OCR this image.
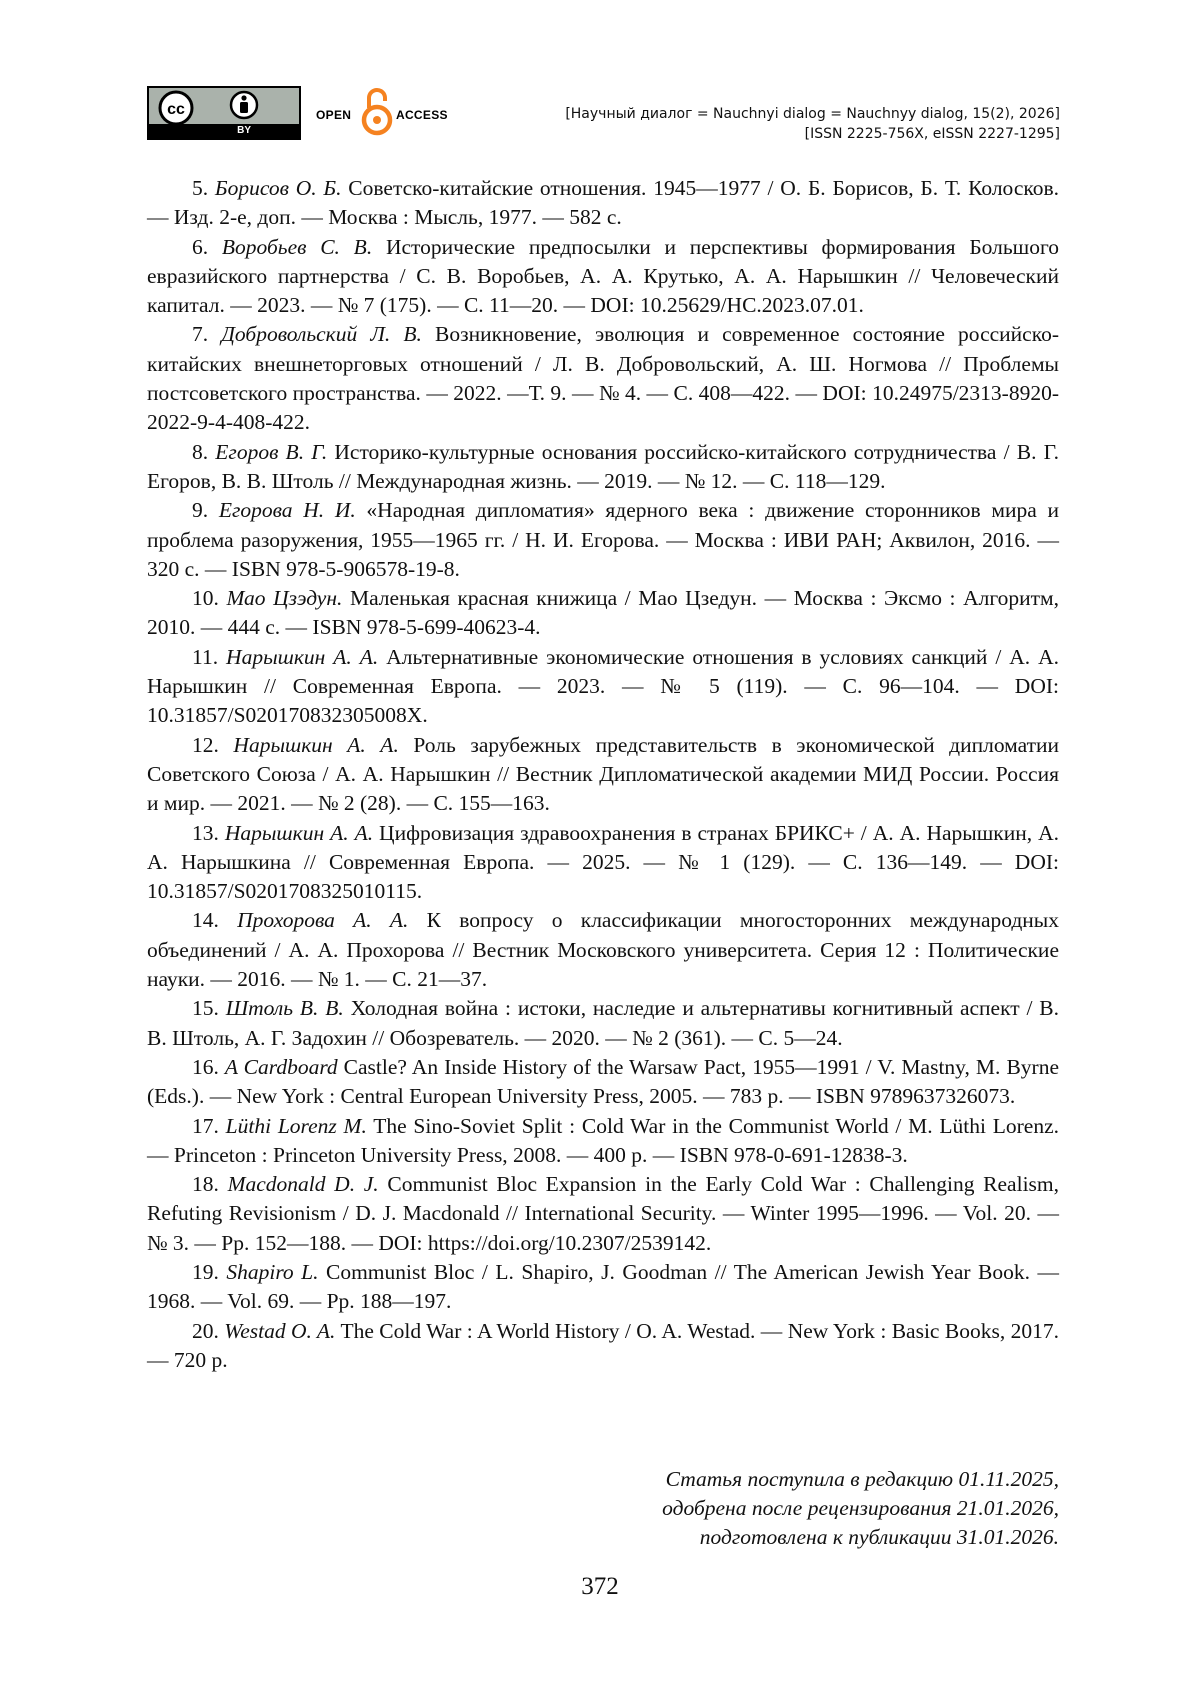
cc
BY
OPEN	ACCESS	[Научный диалог = Nauchnyi dialog = Nauchnyy dialog, 15(2), 2026]
[ISSN 2225-756X, eISSN 2227-1295]

5. Борисов О. Б. Советско-китайские отношения. 1945—1977 / О. Б. Борисов, Б. Т. Колосков. — Изд. 2-е, доп. — Москва : Мысль, 1977. — 582 с.

6. Воробьев С. В. Исторические предпосылки и перспективы формирования Большого евразийского партнерства / С. В. Воробьев, А. А. Крутько, А. А. Нарышкин // Человеческий капитал. — 2023. — № 7 (175). — С. 11—20. — DOI: 10.25629/HC.2023.07.01.

7. Добровольский Л. В. Возникновение, эволюция и современное состояние российско-китайских внешнеторговых отношений / Л. В. Добровольский, А. Ш. Ногмова // Проблемы постсоветского пространства. — 2022. —Т. 9. — № 4. — С. 408—422. — DOI: 10.24975/2313-8920-2022-9-4-408-422.

8. Егоров В. Г. Историко-культурные основания российско-китайского сотрудничества / В. Г. Егоров, В. В. Штоль // Международная жизнь. — 2019. — № 12. — С. 118—129.

9. Егорова Н. И. «Народная дипломатия» ядерного века : движение сторонников мира и проблема разоружения, 1955—1965 гг. / Н. И. Егорова. — Москва : ИВИ РАН; Аквилон, 2016. — 320 с. — ISBN 978-5-906578-19-8.

10. Мао Цзэдун. Маленькая красная книжица / Мао Цзедун. — Москва : Эксмо : Алгоритм, 2010. — 444 с. — ISBN 978-5-699-40623-4.

11. Нарышкин А. А. Альтернативные экономические отношения в условиях санкций / А. А. Нарышкин // Современная Европа. — 2023. — № 5 (119). — С. 96—104. — DOI: 10.31857/S020170832305008X.

12. Нарышкин А. А. Роль зарубежных представительств в экономической дипломатии Советского Союза / А. А. Нарышкин // Вестник Дипломатической академии МИД России. Россия и мир. — 2021. — № 2 (28). — С. 155—163.

13. Нарышкин А. А. Цифровизация здравоохранения в странах БРИКС+ / А. А. Нарышкин, А. А. Нарышкина // Современная Европа. — 2025. — № 1 (129). — С. 136—149. — DOI: 10.31857/S0201708325010115.

14. Прохорова А. А. К вопросу о классификации многосторонних международных объединений / А. А. Прохорова // Вестник Московского университета. Серия 12 : Политические науки. — 2016. — № 1. — С. 21—37.

15. Штоль В. В. Холодная война : истоки, наследие и альтернативы когнитивный аспект / В. В. Штоль, А. Г. Задохин // Обозреватель. — 2020. — № 2 (361). — С. 5—24.

16. A Cardboard Castle? An Inside History of the Warsaw Pact, 1955—1991 / V. Mastny, M. Byrne (Eds.). — New York : Central European University Press, 2005. — 783 p. — ISBN 9789637326073.

17. Lüthi Lorenz M. The Sino-Soviet Split : Cold War in the Communist World / M. Lüthi Lorenz. — Princeton : Princeton University Press, 2008. — 400 p. — ISBN 978-0-691-12838-3.

18. Macdonald D. J. Communist Bloc Expansion in the Early Cold War : Challenging Realism, Refuting Revisionism / D. J. Macdonald // International Security. — Winter 1995—1996. — Vol. 20. — № 3. — Pp. 152—188. — DOI: https://doi.org/10.2307/2539142.

19. Shapiro L. Communist Bloc / L. Shapiro, J. Goodman // The American Jewish Year Book. — 1968. — Vol. 69. — Pp. 188—197.

20. Westad O. A. The Cold War : A World History / O. A. Westad. — New York : Basic Books, 2017. — 720 p.

Статья поступила в редакцию 01.11.2025,
одобрена после рецензирования 21.01.2026,
подготовлена к публикации 31.01.2026.
372
